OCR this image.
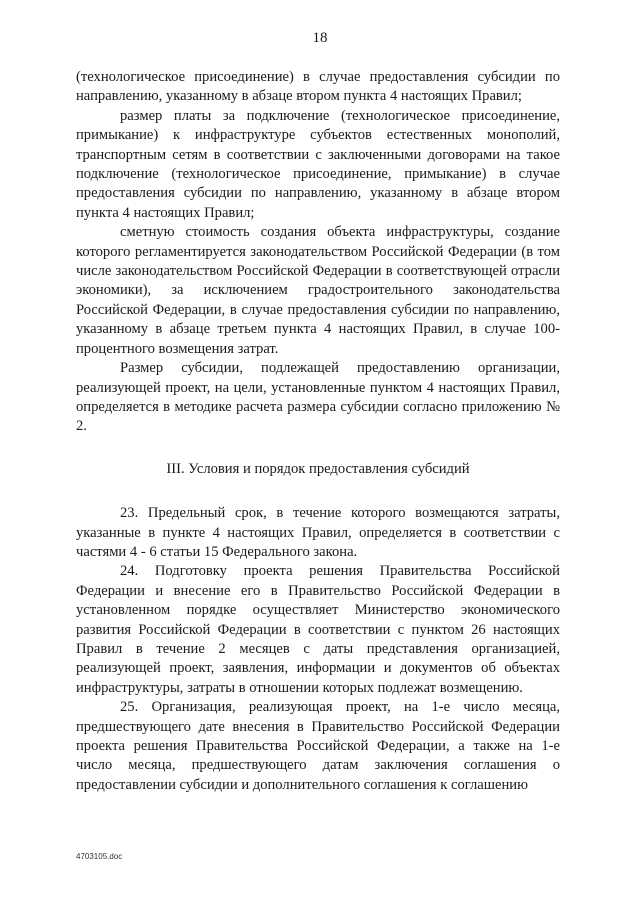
18

(технологическое присоединение) в случае предоставления субсидии по направлению, указанному в абзаце втором пункта 4 настоящих Правил;

размер платы за подключение (технологическое присоединение, примыкание) к инфраструктуре субъектов естественных монополий, транспортным сетям в соответствии с заключенными договорами на такое подключение (технологическое присоединение, примыкание) в случае предоставления субсидии по направлению, указанному в абзаце втором пункта 4 настоящих Правил;

сметную стоимость создания объекта инфраструктуры, создание которого регламентируется законодательством Российской Федерации (в том числе законодательством Российской Федерации в соответствующей отрасли экономики), за исключением градостроительного законодательства Российской Федерации, в случае предоставления субсидии по направлению, указанному в абзаце третьем пункта 4 настоящих Правил, в случае 100-процентного возмещения затрат.

Размер субсидии, подлежащей предоставлению организации, реализующей проект, на цели, установленные пунктом 4 настоящих Правил, определяется в методике расчета размера субсидии согласно приложению № 2.

III. Условия и порядок предоставления субсидий

23. Предельный срок, в течение которого возмещаются затраты, указанные в пункте 4 настоящих Правил, определяется в соответствии с частями 4 - 6 статьи 15 Федерального закона.

24. Подготовку проекта решения Правительства Российской Федерации и внесение его в Правительство Российской Федерации в установленном порядке осуществляет Министерство экономического развития Российской Федерации в соответствии с пунктом 26 настоящих Правил в течение 2 месяцев с даты представления организацией, реализующей проект, заявления, информации и документов об объектах инфраструктуры, затраты в отношении которых подлежат возмещению.

25. Организация, реализующая проект, на 1-е число месяца, предшествующего дате внесения в Правительство Российской Федерации проекта решения Правительства Российской Федерации, а также на 1-е число месяца, предшествующего датам заключения соглашения о предоставлении субсидии и дополнительного соглашения к соглашению

4703105.doc
